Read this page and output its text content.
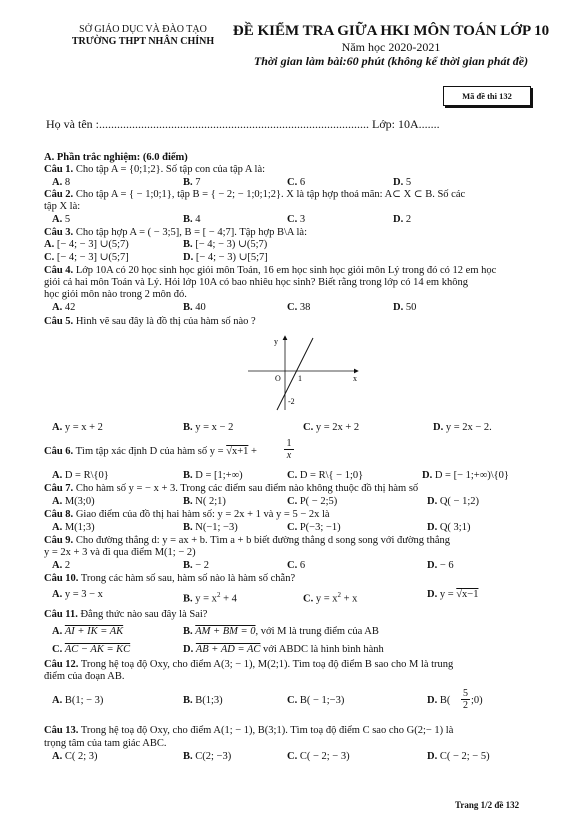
SỞ GIÁO DỤC VÀ ĐÀO TẠO
TRƯỜNG THPT NHÂN CHÍNH
ĐỀ KIỂM TRA GIỮA HKI MÔN TOÁN LỚP 10
Năm học 2020-2021
Thời gian làm bài:60 phút (không kể thời gian phát đề)
Mã đề thi 132
Họ và tên :.......................................................................................... Lớp: 10A.......
A. Phần trắc nghiệm: (6.0 điểm)
Câu 1. Cho tập A = {0;1;2}. Số tập con của tập A là:
A. 8	B. 7	C. 6	D. 5
Câu 2. Cho tập A = { − 1;0;1}, tập B = { − 2; − 1;0;1;2}. X là tập hợp thoả mãn: A⊂ X ⊂ B. Số các
tập X là:
A. 5	B. 4	C. 3	D. 2
Câu 3. Cho tập hợp A = ( − 3;5], B = [ − 4;7]. Tập hợp B\A là:
A. [− 4; − 3] ∪(5;7)	B. [− 4; − 3) ∪(5;7)
C. [− 4; − 3] ∪(5;7]	D. [− 4; − 3) ∪[5;7]
Câu 4. Lớp 10A có 20 học sinh học giỏi môn Toán, 16 em học sinh học giỏi môn Lý trong đó có 12 em học
giỏi cả hai môn Toán và Lý. Hỏi lớp 10A có bao nhiêu học sinh? Biết rằng trong lớp có 14 em không
học giỏi môn nào trong 2 môn đó.
A. 42	B. 40	C. 38	D. 50
Câu 5. Hình vẽ sau đây là đồ thị của hàm số nào ?
y
x
O 1
-2
A. y = x + 2	B. y = x − 2	C. y = 2x + 2	D. y = 2x − 2.
Câu 6. Tìm tập xác định D của hàm số y = √x+1 +	$\frac{1}{x}$
A. D = R\{0}	B. D = [1;+∞)	C. D = R\{ − 1;0}	D. D = [− 1;+∞)\{0}
Câu 7. Cho hàm số y = − x + 3. Trong các điểm sau điểm nào không thuộc đồ thị hàm số
A. M(3;0)	B. N( 2;1)	C. P( − 2;5)	D. Q( − 1;2)
Câu 8. Giao điểm của đồ thị hai hàm số: y = 2x + 1 và y = 5 − 2x là
A. M(1;3)	B. N(−1; −3)	C. P(−3; −1)	D. Q( 3;1)
Câu 9. Cho đường thẳng d: y = ax + b. Tìm a + b biết đường thẳng d song song với đường thẳng
y = 2x + 3 và đi qua điểm M(1; − 2)
A. 2	B. − 2	C. 6	D. − 6
Câu 10. Trong các hàm số sau, hàm số nào là hàm số chẵn?
A. y = 3 − x	B. $y = x^2 + 4$	C. $y = x^2 + x$	D. y = √x−1
Câu 11. Đẳng thức nào sau đây là Sai?
A. AI + IK = AK	B. AM + BM = 0, với M là trung điểm của AB
C. AC − AK = KC	D. AB + AD = AC với ABDC là hình bình hành
Câu 12. Trong hệ toạ độ Oxy, cho điểm A(3; − 1), M(2;1). Tìm toạ độ điểm B sao cho M là trung
điểm của đoạn AB.
A. B(1; − 3)	B. B(1;3)	C. B( − 1;−3)	D. $B( \frac{5}{2}$ ;0)
Câu 13. Trong hệ toạ độ Oxy, cho điểm A(1; − 1), B(3;1). Tìm toạ độ điểm C sao cho G(2;− 1) là
trọng tâm của tam giác ABC.
A. C( 2; 3)	B. C(2; −3)	C. C( − 2; − 3)	D. C( − 2; − 5)
Trang 1/2 đề 132
